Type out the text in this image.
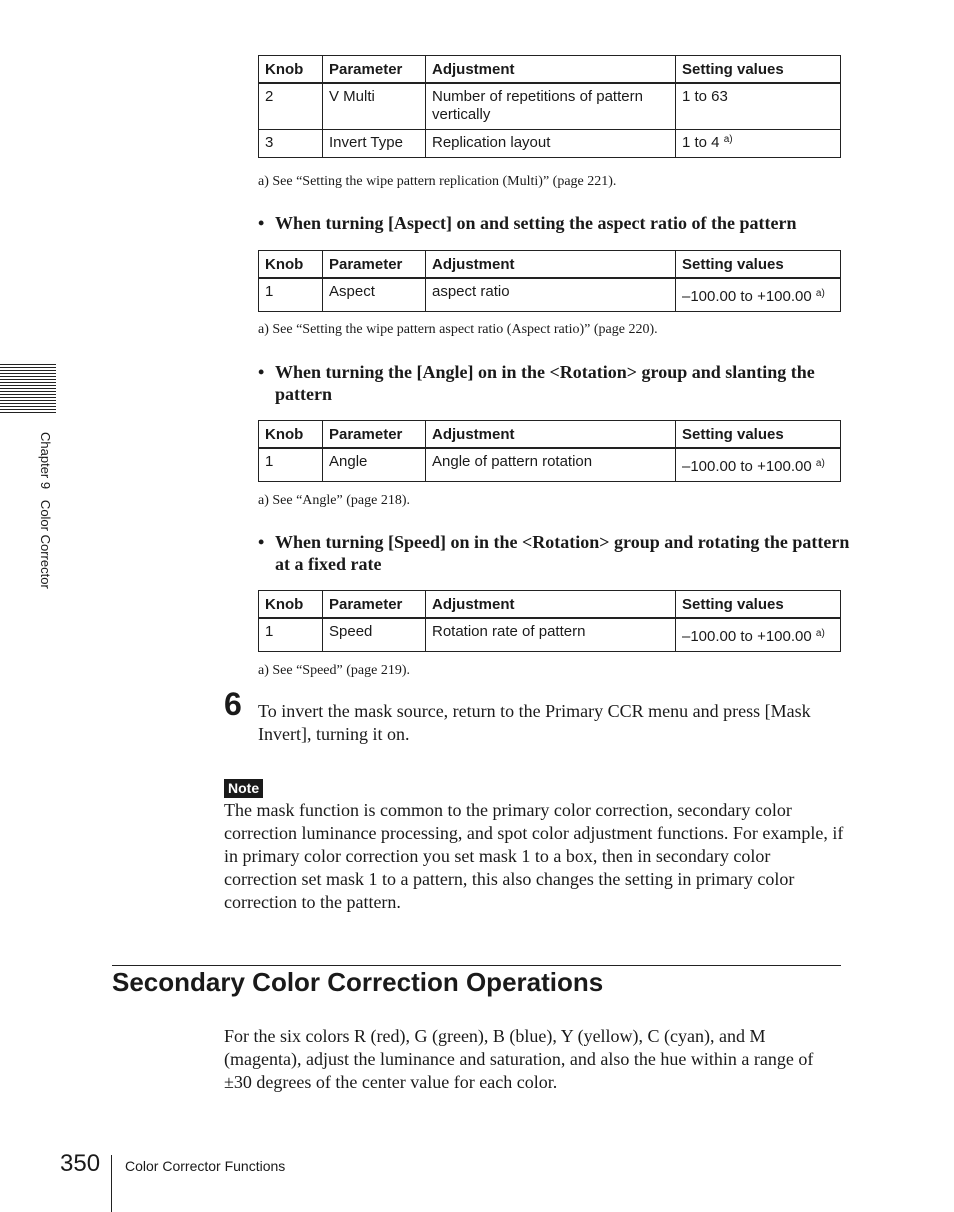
Knob	Parameter	Adjustment	Setting values
2	V Multi	Number of repetitions of pattern vertically	1 to 63
3	Invert Type	Replication layout	1 to 4 $^{a)}$
a) See “Setting the wipe pattern replication (Multi)” (page 221).
• When turning [Aspect] on and setting the aspect ratio of the pattern
Knob	Parameter	Adjustment	Setting values
1	Aspect	aspect ratio	–100.00 to +100.00 $^{a)}$
a) See “Setting the wipe pattern aspect ratio (Aspect ratio)” (page 220).
• When turning the [Angle] on in the <Rotation> group and slanting the pattern
Knob	Parameter	Adjustment	Setting values
1	Angle	Angle of pattern rotation	–100.00 to +100.00 $^{a)}$
a) See “Angle” (page 218).
• When turning [Speed] on in the <Rotation> group and rotating the pattern at a fixed rate
Knob	Parameter	Adjustment	Setting values
1	Speed	Rotation rate of pattern	–100.00 to +100.00 $^{a)}$
a) See “Speed” (page 219).
6 To invert the mask source, return to the Primary CCR menu and press [Mask Invert], turning it on.
Note
The mask function is common to the primary color correction, secondary color correction luminance processing, and spot color adjustment functions. For example, if in primary color correction you set mask 1 to a box, then in secondary color correction set mask 1 to a pattern, this also changes the setting in primary color correction to the pattern.
Secondary Color Correction Operations
For the six colors R (red), G (green), B (blue), Y (yellow), C (cyan), and M (magenta), adjust the luminance and saturation, and also the hue within a range of ±30 degrees of the center value for each color.
Chapter 9   Color Corrector
350 Color Corrector Functions
